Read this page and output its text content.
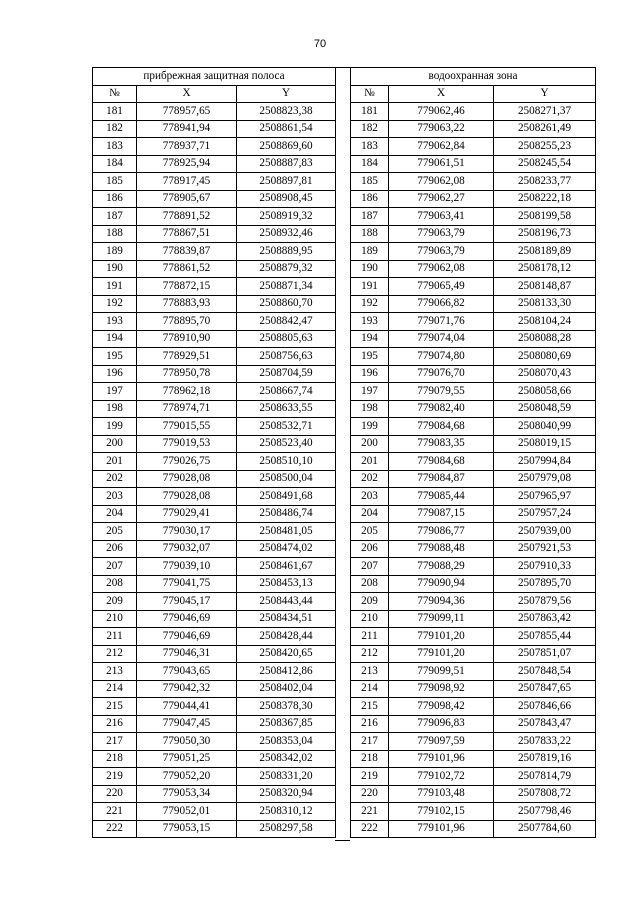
70
прибрежная защитная полоса		
№	X	Y
181	778957,65	2508823,38
182	778941,94	2508861,54
183	778937,71	2508869,60
184	778925,94	2508887,83
185	778917,45	2508897,81
186	778905,67	2508908,45
187	778891,52	2508919,32
188	778867,51	2508932,46
189	778839,87	2508889,95
190	778861,52	2508879,32
191	778872,15	2508871,34
192	778883,93	2508860,70
193	778895,70	2508842,47
194	778910,90	2508805,63
195	778929,51	2508756,63
196	778950,78	2508704,59
197	778962,18	2508667,74
198	778974,71	2508633,55
199	779015,55	2508532,71
200	779019,53	2508523,40
201	779026,75	2508510,10
202	779028,08	2508500,04
203	779028,08	2508491,68
204	779029,41	2508486,74
205	779030,17	2508481,05
206	779032,07	2508474,02
207	779039,10	2508461,67
208	779041,75	2508453,13
209	779045,17	2508443,44
210	779046,69	2508434,51
211	779046,69	2508428,44
212	779046,31	2508420,65
213	779043,65	2508412,86
214	779042,32	2508402,04
215	779044,41	2508378,30
216	779047,45	2508367,85
217	779050,30	2508353,04
218	779051,25	2508342,02
219	779052,20	2508331,20
220	779053,34	2508320,94
221	779052,01	2508310,12
222	779053,15	2508297,58
водоохранная зона		
№	X	Y
181	779062,46	2508271,37
182	779063,22	2508261,49
183	779062,84	2508255,23
184	779061,51	2508245,54
185	779062,08	2508233,77
186	779062,27	2508222,18
187	779063,41	2508199,58
188	779063,79	2508196,73
189	779063,79	2508189,89
190	779062,08	2508178,12
191	779065,49	2508148,87
192	779066,82	2508133,30
193	779071,76	2508104,24
194	779074,04	2508088,28
195	779074,80	2508080,69
196	779076,70	2508070,43
197	779079,55	2508058,66
198	779082,40	2508048,59
199	779084,68	2508040,99
200	779083,35	2508019,15
201	779084,68	2507994,84
202	779084,87	2507979,08
203	779085,44	2507965,97
204	779087,15	2507957,24
205	779086,77	2507939,00
206	779088,48	2507921,53
207	779088,29	2507910,33
208	779090,94	2507895,70
209	779094,36	2507879,56
210	779099,11	2507863,42
211	779101,20	2507855,44
212	779101,20	2507851,07
213	779099,51	2507848,54
214	779098,92	2507847,65
215	779098,42	2507846,66
216	779096,83	2507843,47
217	779097,59	2507833,22
218	779101,96	2507819,16
219	779102,72	2507814,79
220	779103,48	2507808,72
221	779102,15	2507798,46
222	779101,96	2507784,60
